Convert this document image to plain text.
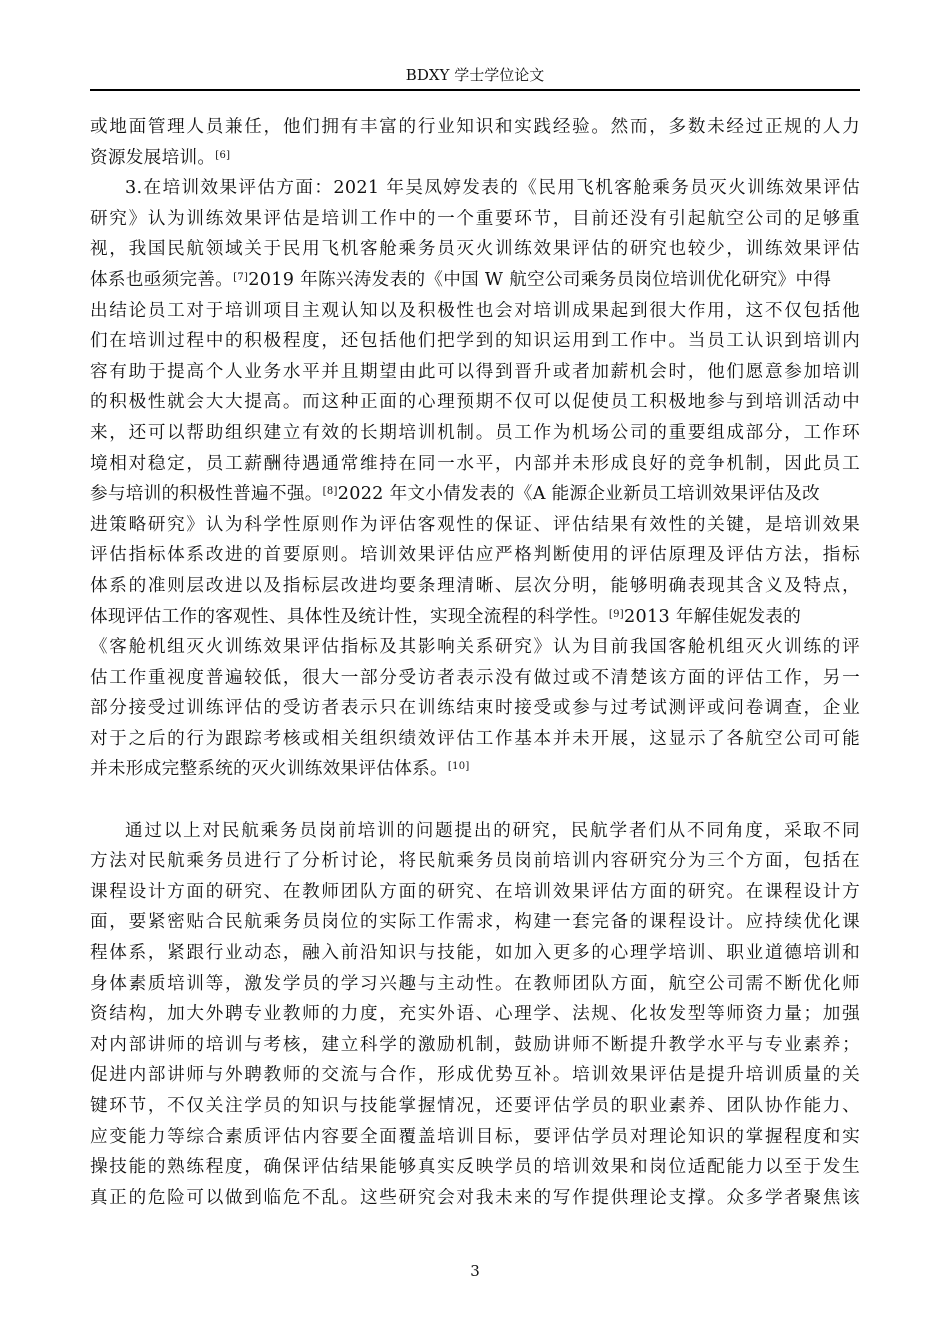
BDXY 学士学位论文
或地面管理人员兼任，他们拥有丰富的行业知识和实践经验。然而，多数未经过正规的人力
资源发展培训。[6]
3.在培训效果评估方面：2021 年吴凤婷发表的《民用飞机客舱乘务员灭火训练效果评估
研究》认为训练效果评估是培训工作中的一个重要环节，目前还没有引起航空公司的足够重
视，我国民航领域关于民用飞机客舱乘务员灭火训练效果评估的研究也较少，训练效果评估
体系也亟须完善。[7]2019 年陈兴涛发表的《中国 W 航空公司乘务员岗位培训优化研究》中得
出结论员工对于培训项目主观认知以及积极性也会对培训成果起到很大作用，这不仅包括他
们在培训过程中的积极程度，还包括他们把学到的知识运用到工作中。当员工认识到培训内
容有助于提高个人业务水平并且期望由此可以得到晋升或者加薪机会时，他们愿意参加培训
的积极性就会大大提高。而这种正面的心理预期不仅可以促使员工积极地参与到培训活动中
来，还可以帮助组织建立有效的长期培训机制。员工作为机场公司的重要组成部分，工作环
境相对稳定，员工薪酬待遇通常维持在同一水平，内部并未形成良好的竞争机制，因此员工
参与培训的积极性普遍不强。[8]2022 年文小倩发表的《A 能源企业新员工培训效果评估及改
进策略研究》认为科学性原则作为评估客观性的保证、评估结果有效性的关键，是培训效果
评估指标体系改进的首要原则。培训效果评估应严格判断使用的评估原理及评估方法，指标
体系的准则层改进以及指标层改进均要条理清晰、层次分明，能够明确表现其含义及特点，
体现评估工作的客观性、具体性及统计性，实现全流程的科学性。[9]2013 年解佳妮发表的
《客舱机组灭火训练效果评估指标及其影响关系研究》认为目前我国客舱机组灭火训练的评
估工作重视度普遍较低，很大一部分受访者表示没有做过或不清楚该方面的评估工作，另一
部分接受过训练评估的受访者表示只在训练结束时接受或参与过考试测评或问卷调查，企业
对于之后的行为跟踪考核或相关组织绩效评估工作基本并未开展，这显示了各航空公司可能
并未形成完整系统的灭火训练效果评估体系。[10]
通过以上对民航乘务员岗前培训的问题提出的研究，民航学者们从不同角度，采取不同
方法对民航乘务员进行了分析讨论，将民航乘务员岗前培训内容研究分为三个方面，包括在
课程设计方面的研究、在教师团队方面的研究、在培训效果评估方面的研究。在课程设计方
面，要紧密贴合民航乘务员岗位的实际工作需求，构建一套完备的课程设计。应持续优化课
程体系，紧跟行业动态，融入前沿知识与技能，如加入更多的心理学培训、职业道德培训和
身体素质培训等，激发学员的学习兴趣与主动性。在教师团队方面，航空公司需不断优化师
资结构，加大外聘专业教师的力度，充实外语、心理学、法规、化妆发型等师资力量；加强
对内部讲师的培训与考核，建立科学的激励机制，鼓励讲师不断提升教学水平与专业素养；
促进内部讲师与外聘教师的交流与合作，形成优势互补。培训效果评估是提升培训质量的关
键环节，不仅关注学员的知识与技能掌握情况，还要评估学员的职业素养、团队协作能力、
应变能力等综合素质评估内容要全面覆盖培训目标，要评估学员对理论知识的掌握程度和实
操技能的熟练程度，确保评估结果能够真实反映学员的培训效果和岗位适配能力以至于发生
真正的危险可以做到临危不乱。这些研究会对我未来的写作提供理论支撑。众多学者聚焦该
3
